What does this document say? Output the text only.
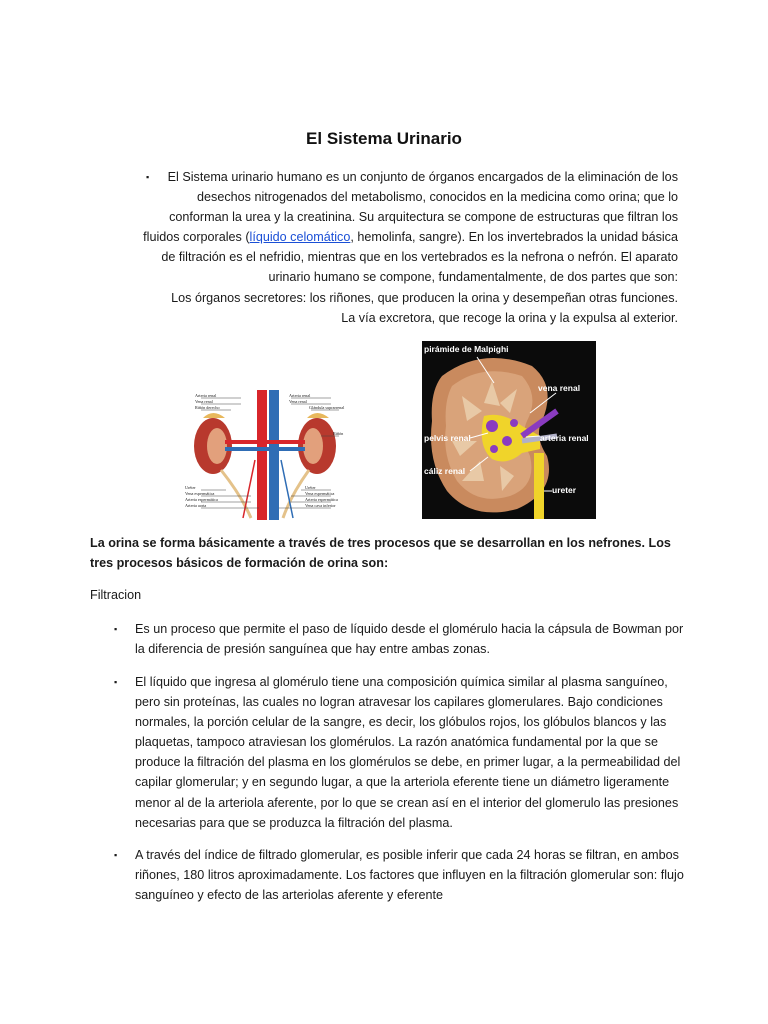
El Sistema Urinario
▪	El Sistema urinario humano es un conjunto de órganos encargados de la eliminación de los desechos nitrogenados del metabolismo, conocidos en la medicina como orina; que lo conforman la urea y la creatinina. Su arquitectura se compone de estructuras que filtran los fluidos corporales (líquido celomático, hemolinfa, sangre). En los invertebrados la unidad básica de filtración es el nefridio, mientras que en los vertebrados es la nefrona o nefrón. El aparato urinario humano se compone, fundamentalmente, de dos partes que son:

Los órganos secretores: los riñones, que producen la orina y desempeñan otras funciones.

La vía excretora, que recoge la orina y la expulsa al exterior.

Arteria renal
Vena renal
Riñón derecho
Uréter
Vena espermática
Arteria espermática
Arteria aorta
Arteria renal
Vena renal
Glándula suprarrenal
Riñón
Uréter
Vena espermática
Arteria espermática
Vena cava inferior
pirámide de Malpighi
vena renal
pelvis renal	arteria renal
cáliz renal
ureter
La orina se forma básicamente a través de tres procesos que se desarrollan en los nefrones. Los tres procesos básicos de formación de orina son:
Filtracion
▪ Es un proceso que permite el paso de líquido desde el glomérulo hacia la cápsula de Bowman por la diferencia de presión sanguínea que hay entre ambas zonas.
▪ El líquido que ingresa al glomérulo tiene una composición química similar al plasma sanguíneo, pero sin proteínas, las cuales no logran atravesar los capilares glomerulares. Bajo condiciones normales, la porción celular de la sangre, es decir, los glóbulos rojos, los glóbulos blancos y las plaquetas, tampoco atraviesan los glomérulos. La razón anatómica fundamental por la que se produce la filtración del plasma en los glomérulos se debe, en primer lugar, a la permeabilidad del capilar glomerular; y en segundo lugar, a que la arteriola eferente tiene un diámetro ligeramente menor al de la arteriola aferente, por lo que se crean así en el interior del glomerulo las presiones necesarias para que se produzca la filtración del plasma.
▪ A través del índice de filtrado glomerular, es posible inferir que cada 24 horas se filtran, en ambos riñones, 180 litros aproximadamente. Los factores que influyen en la filtración glomerular son: flujo sanguíneo y efecto de las arteriolas aferente y eferente
